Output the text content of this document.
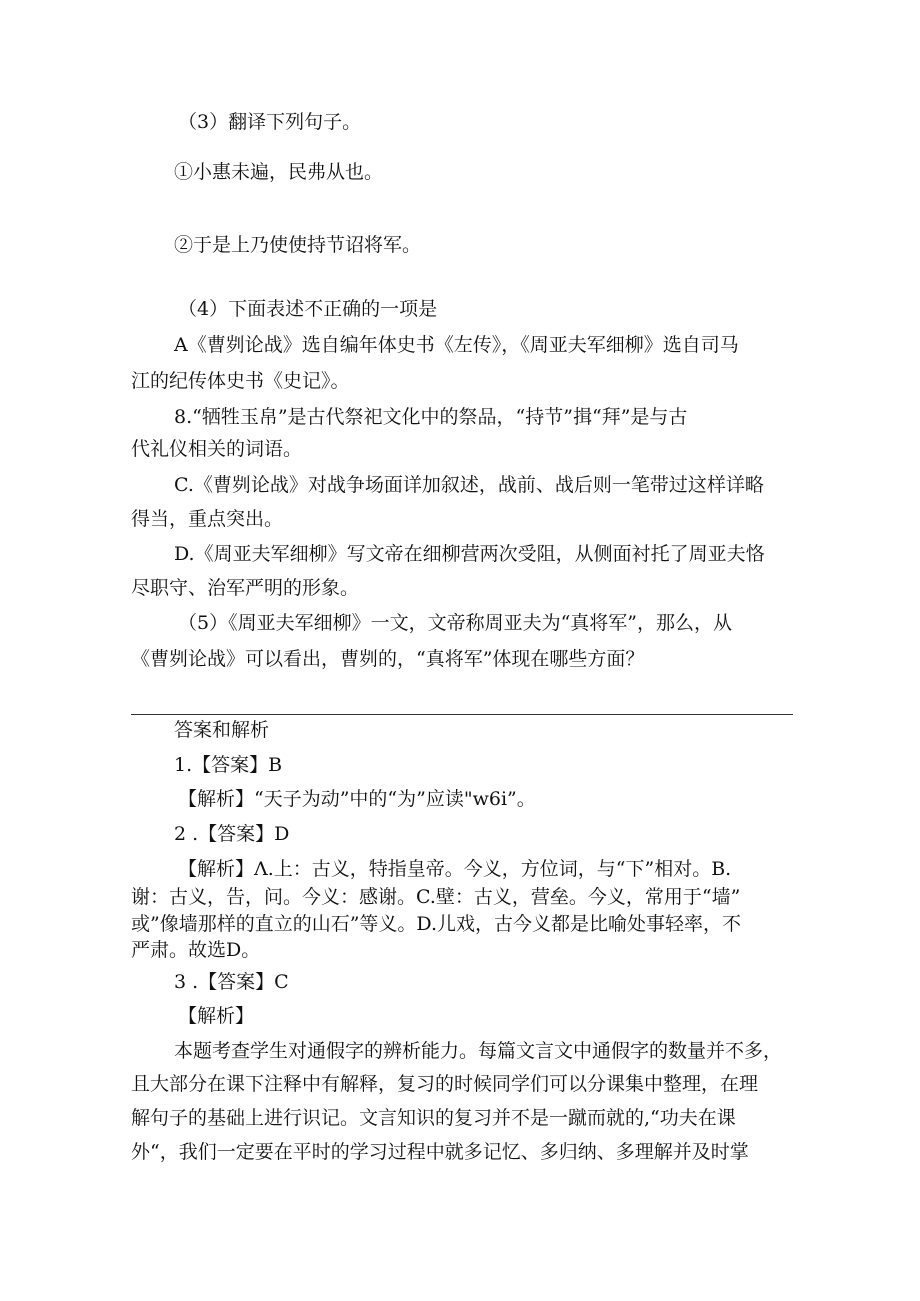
（3）翻译下列句子。
①小惠未遍，民弗从也。
②于是上乃使使持节诏将军。
（4）下面表述不正确的一项是
A《曹刿论战》选自编年体史书《左传》，《周亚夫军细柳》选自司马
江的纪传体史书《史记》。
8.“牺牲玉帛”是古代祭祀文化中的祭品，“持节”揖“拜”是与古
代礼仪相关的词语。
C.《曹刿论战》对战争场面详加叙述，战前、战后则一笔带过这样详略
得当，重点突出。
D.《周亚夫军细柳》写文帝在细柳营两次受阻，从侧面衬托了周亚夫恪
尽职守、治军严明的形象。
（5）《周亚夫军细柳》一文，文帝称周亚夫为“真将军”，那么，从
《曹刿论战》可以看出，曹刿的，“真将军”体现在哪些方面？
答案和解析
1.【答案】B
【解析】“天子为动”中的“为”应读"w6i”。
2 .【答案】D
【解析】Λ.上：古义，特指皇帝。今义，方位词，与“下”相对。B.
谢：古义，告，问。今义：感谢。C.壁：古义，营垒。今义，常用于“墙”
或”像墙那样的直立的山石”等义。D.儿戏，古今义都是比喻处事轻率，不
严肃。故选D。
3 .【答案】C
【解析】
本题考查学生对通假字的辨析能力。每篇文言文中通假字的数量并不多，
且大部分在课下注释中有解释，复习的时候同学们可以分课集中整理，在理
解句子的基础上进行识记。文言知识的复习并不是一蹴而就的,“功夫在课
外“，我们一定要在平时的学习过程中就多记忆、多归纳、多理解并及时掌
